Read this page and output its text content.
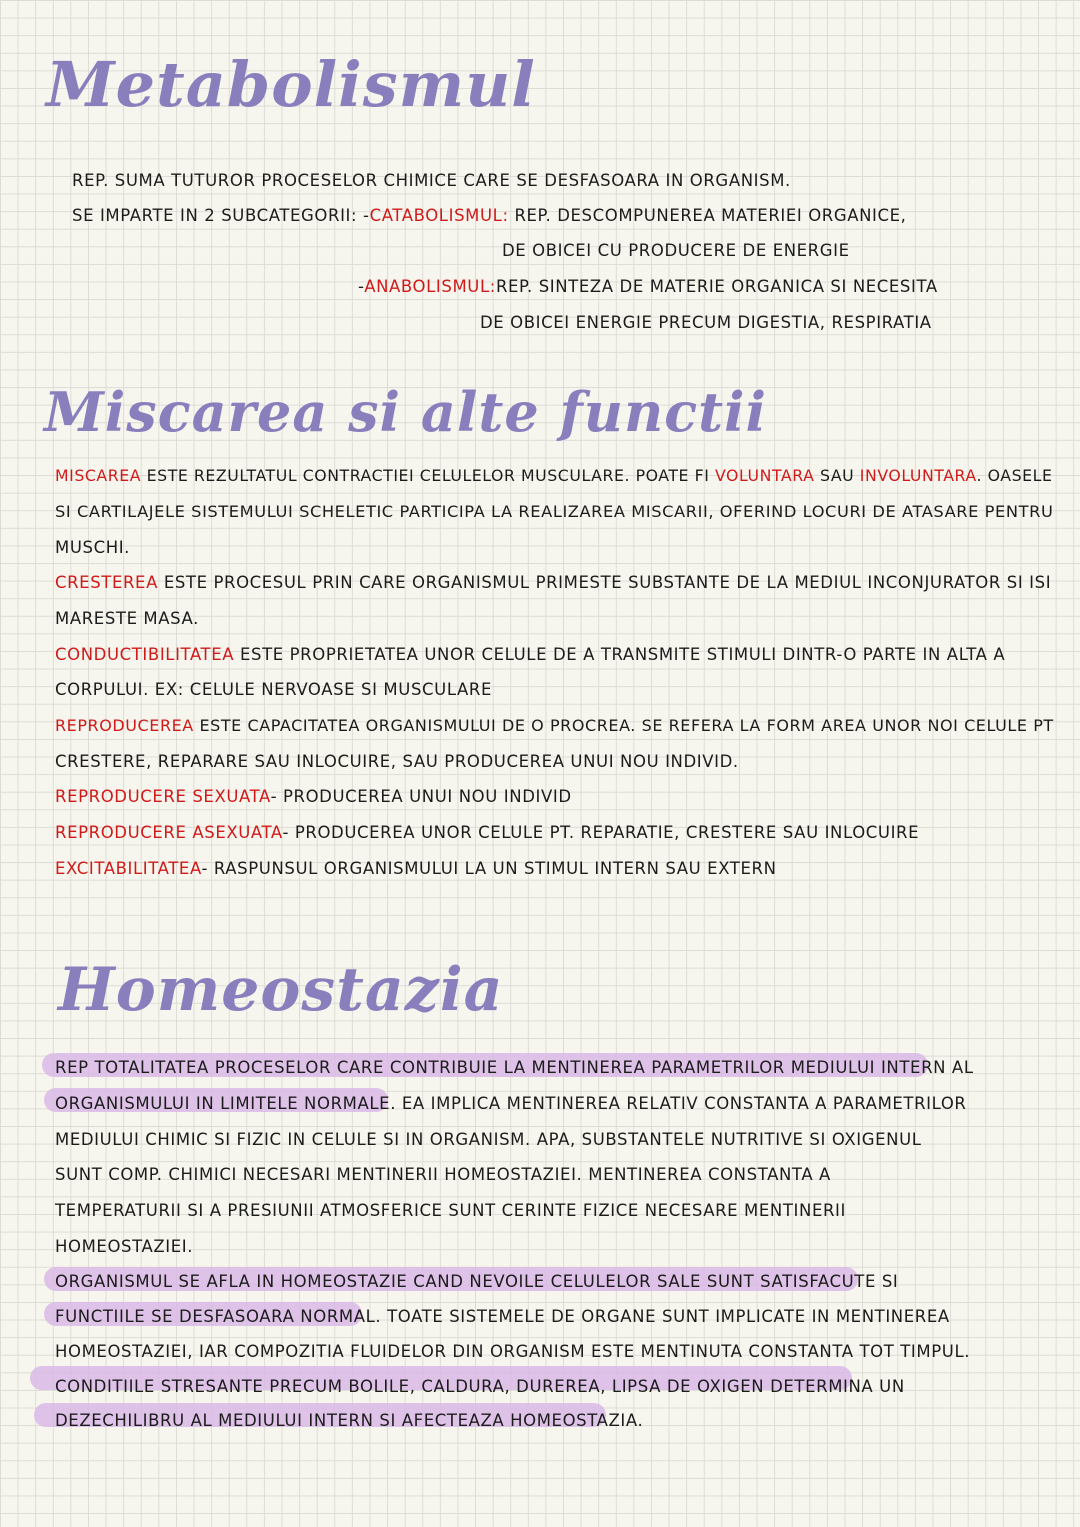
Metabolismul
REP. SUMA TUTUROR PROCESELOR CHIMICE CARE SE DESFASOARA IN ORGANISM.
SE IMPARTE IN 2 SUBCATEGORII: -CATABOLISMUL: REP. DESCOMPUNEREA MATERIEI ORGANICE,
DE OBICEI CU PRODUCERE DE ENERGIE
-ANABOLISMUL:REP. SINTEZA DE MATERIE ORGANICA SI NECESITA
DE OBICEI ENERGIE PRECUM DIGESTIA, RESPIRATIA
Miscarea si alte functii
MISCAREA ESTE REZULTATUL CONTRACTIEI CELULELOR MUSCULARE. POATE FI VOLUNTARA SAU INVOLUNTARA. OASELE
SI CARTILAJELE SISTEMULUI SCHELETIC PARTICIPA LA REALIZAREA MISCARII, OFERIND LOCURI DE ATASARE PENTRU
MUSCHI.
CRESTEREA ESTE PROCESUL PRIN CARE ORGANISMUL PRIMESTE SUBSTANTE DE LA MEDIUL INCONJURATOR SI ISI
MARESTE MASA.
CONDUCTIBILITATEA ESTE PROPRIETATEA UNOR CELULE DE A TRANSMITE STIMULI DINTR-O PARTE IN ALTA A
CORPULUI. EX: CELULE NERVOASE SI MUSCULARE
REPRODUCEREA ESTE CAPACITATEA ORGANISMULUI DE O PROCREA. SE REFERA LA FORM AREA UNOR NOI CELULE PT
CRESTERE, REPARARE SAU INLOCUIRE, SAU PRODUCEREA UNUI NOU INDIVID.
REPRODUCERE SEXUATA- PRODUCEREA UNUI NOU INDIVID
REPRODUCERE ASEXUATA- PRODUCEREA UNOR CELULE PT. REPARATIE, CRESTERE SAU INLOCUIRE
EXCITABILITATEA- RASPUNSUL ORGANISMULUI LA UN STIMUL INTERN SAU EXTERN
Homeostazia
REP TOTALITATEA PROCESELOR CARE CONTRIBUIE LA MENTINEREA PARAMETRILOR MEDIULUI INTERN AL
ORGANISMULUI IN LIMITELE NORMALE. EA IMPLICA MENTINEREA RELATIV CONSTANTA A PARAMETRILOR
MEDIULUI CHIMIC SI FIZIC IN CELULE SI IN ORGANISM. APA, SUBSTANTELE NUTRITIVE SI OXIGENUL
SUNT COMP. CHIMICI NECESARI MENTINERII HOMEOSTAZIEI. MENTINEREA CONSTANTA A
TEMPERATURII SI A PRESIUNII ATMOSFERICE SUNT CERINTE FIZICE NECESARE MENTINERII
HOMEOSTAZIEI.
ORGANISMUL SE AFLA IN HOMEOSTAZIE CAND NEVOILE CELULELOR SALE SUNT SATISFACUTE SI
FUNCTIILE SE DESFASOARA NORMAL. TOATE SISTEMELE DE ORGANE SUNT IMPLICATE IN MENTINEREA
HOMEOSTAZIEI, IAR COMPOZITIA FLUIDELOR DIN ORGANISM ESTE MENTINUTA CONSTANTA TOT TIMPUL.
CONDITIILE STRESANTE PRECUM BOLILE, CALDURA, DUREREA, LIPSA DE OXIGEN DETERMINA UN
DEZECHILIBRU AL MEDIULUI INTERN SI AFECTEAZA HOMEOSTAZIA.
